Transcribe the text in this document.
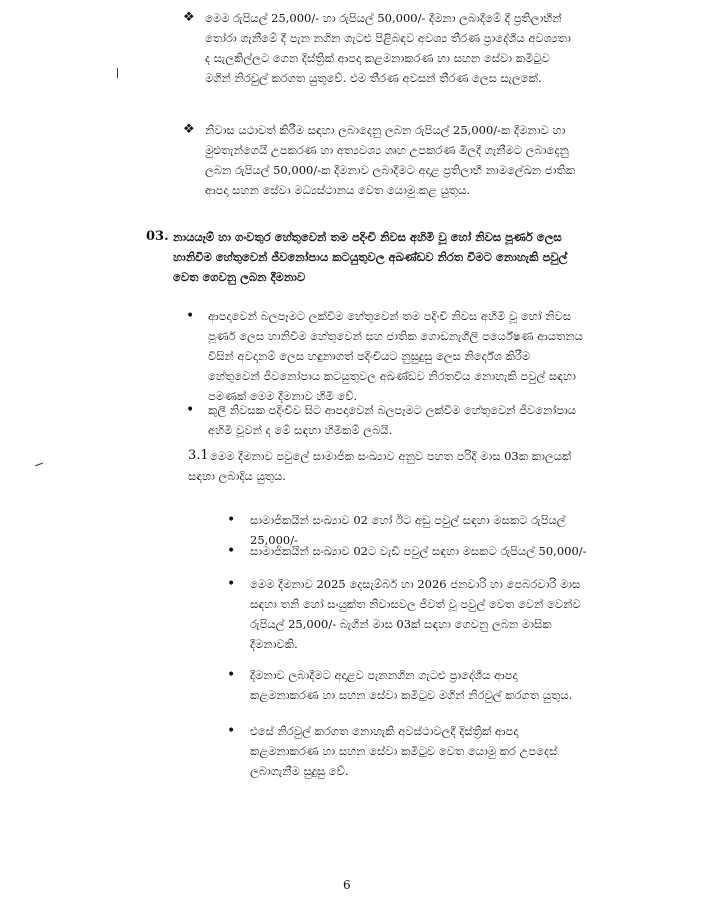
❖ මෙම රුපියල් 25,000/- හා රුපියල් 50,000/- දීමනා ලබාදීමේ දී ප්‍රතිලාභීන්
තෝරා ගැනීමේ දී පැන නගින ගැටළු පිළිබඳව අවශ්‍ය තීරණ ප්‍රාදේශීය අවශ්‍යතා
ද සැලකිල්ලට ගෙන දිස්ත්‍රික් ආපදා කළමනාකරණ හා සහන සේවා කමිටුව
මගින් නිරවුල් කරගත යුතුවේ. එම තීරණ අවසන් තීරණ ලෙස සැලකේ.
❖ නිවාස යථාවත් කිරීම සඳහා ලබාදෙනු ලබන රුපියල් 25,000/-ක දීමනාව හා
මුළුතැන්ගෙයි උපකරණ හා අත්‍යවශ්‍ය ගෘහ උපකරණ මිලදී ගැනීමට ලබාදෙනු
ලබන රුපියල් 50,000/-ක දීමනාව ලබාදීමට අදාළ ප්‍රතිලාභී නාමලේඛන ජාතික
ආපදා සහන සේවා මධ්‍යස්ථානය වෙත යොමු කළ යුතුය.
03. නායයෑම් හා ගංවතුර හේතුවෙන් තම පදිංචි නිවස අහිමි වූ හෝ නිවස පූර්ණ ලෙස
හානිවීම හේතුවෙන් ජීවනෝපාය කටයුතුවල අඛණ්ඩව නිරත වීමට නොහැකි පවුල්
වෙත ගෙවනු ලබන දීමනාව
• ආපදාවෙන් බලපෑමට ලක්වීම හේතුවෙන් තම පදිංචි නිවස අහිමි වූ හෝ නිවස
පූර්ණ ලෙස හානිවීම හේතුවෙන් සහ ජාතික ගොඩනැගිලි පර්යේෂණ ආයතනය
විසින් අවදානම් ලෙස හඳුනාගත් පදිංචියට නුසුදුසු ලෙස නිර්දේශ කිරීම
හේතුවෙන් ජීවනෝපාය කටයුතුවල අඛණ්ඩව නිරතවීය නොහැකි පවුල් සඳහා
පමණක් මෙම දීමනාව හිමි වේ.
• කුලී නිවසක පදිංචිව සිට ආපදාවෙන් බලපෑමට ලක්වීම හේතුවෙන් ජීවනෝපාය
අහිමි වූවන් ද මේ සඳහා හිමිකම් ලබයි.
3.1 මෙම දීමනාව පවුලේ සාමාජික සංඛ්‍යාව අනුව පහත පරිදි මාස 03ක කාලයක්
සඳහා ලබාදිය යුතුය.
• සාමාජිකයින් සංඛ්‍යාව 02 හෝ ඊට අඩු පවුල් සඳහා මසකට රුපියල්
25,000/-
• සාමාජිකයින් සංඛ්‍යාව 02ට වැඩි පවුල් සඳහා මසකට රුපියල් 50,000/-
• මෙම දීමනාව 2025 දෙසැම්බර් හා 2026 ජනවාරි හා පෙබරවාරි මාස
සඳහා තනි හෝ සංයුක්ත නිවාසවල ජීවත් වූ පවුල් වෙත වෙන් වෙන්ව
රුපියල් 25,000/- බැගින් මාස 03ක් සඳහා ගෙවනු ලබන මාසික
දීමනාවකි.
• දීමනාව ලබාදීමට අදාළව පැනනගින ගැටළු ප්‍රාදේශීය ආපදා
කළමනාකරණ හා සහන සේවා කමිටුව මගින් නිරවුල් කරගත යුතුය.
• එසේ නිරවුල් කරගත නොහැකි අවස්ථාවලදී දිස්ත්‍රික් ආපදා
කළමනාකරණ හා සහන සේවා කමිටුව වෙත යොමු කර උපදෙස්
ලබාගැනීම සුදුසු වේ.
6
